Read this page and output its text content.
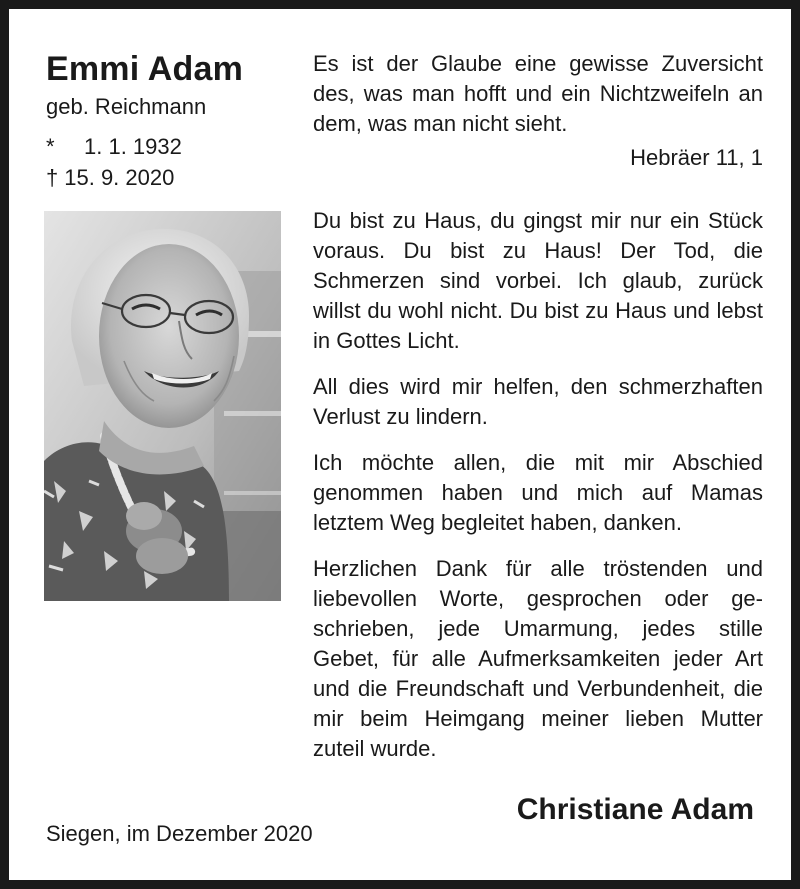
Emmi Adam
geb. Reichmann
*	1. 1. 1932
† 15. 9. 2020

Es ist der Glaube eine gewisse Zuversicht des, was man hofft und ein Nichtzweifeln an dem, was man nicht sieht.

Hebräer 11, 1

Du bist zu Haus, du gingst mir nur ein Stück voraus. Du bist zu Haus! Der Tod, die Schmerzen sind vorbei. Ich glaub, zurück willst du wohl nicht. Du bist zu Haus und lebst in Gottes Licht.

All dies wird mir helfen, den schmerzhaften Verlust zu lindern.

Ich möchte allen, die mit mir Abschied genommen haben und mich auf Mamas letztem Weg begleitet haben, danken.

Herzlichen Dank für alle tröstenden und liebevollen Worte, gesprochen oder geschrieben, jede Umarmung, jedes stille Gebet, für alle Aufmerksamkeiten jeder Art und die Freundschaft und Verbundenheit, die mir beim Heimgang meiner lieben Mutter zuteil wurde.

Christiane Adam
Siegen, im Dezember 2020
